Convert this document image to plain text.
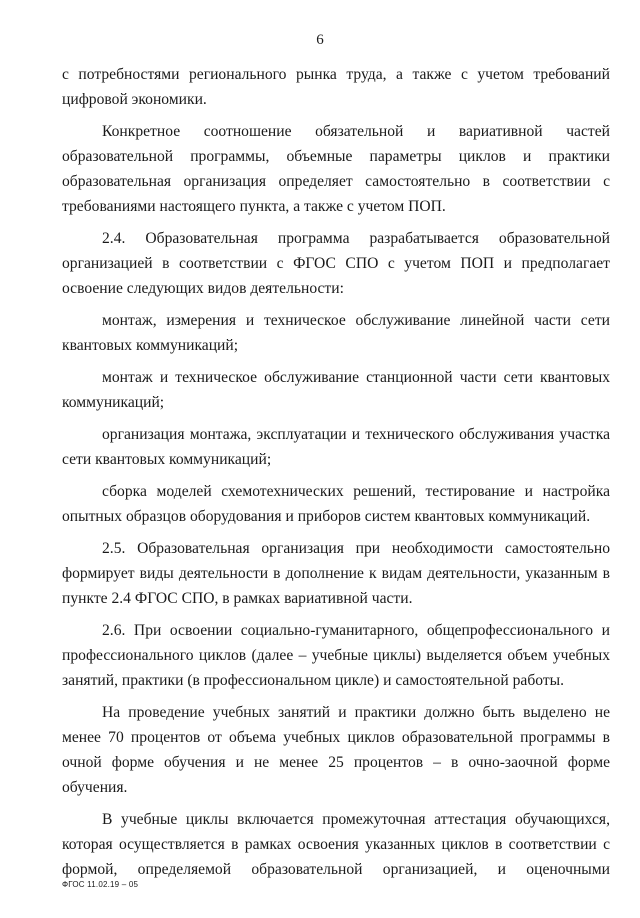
6

с потребностями регионального рынка труда, а также с учетом требований цифровой экономики.

Конкретное соотношение обязательной и вариативной частей образовательной программы, объемные параметры циклов и практики образовательная организация определяет самостоятельно в соответствии с требованиями настоящего пункта, а также с учетом ПОП.

2.4. Образовательная программа разрабатывается образовательной организацией в соответствии с ФГОС СПО с учетом ПОП и предполагает освоение следующих видов деятельности:

монтаж, измерения и техническое обслуживание линейной части сети квантовых коммуникаций;

монтаж и техническое обслуживание станционной части сети квантовых коммуникаций;

организация монтажа, эксплуатации и технического обслуживания участка сети квантовых коммуникаций;

сборка моделей схемотехнических решений, тестирование и настройка опытных образцов оборудования и приборов систем квантовых коммуникаций.

2.5. Образовательная организация при необходимости самостоятельно формирует виды деятельности в дополнение к видам деятельности, указанным в пункте 2.4 ФГОС СПО, в рамках вариативной части.

2.6. При освоении социально-гуманитарного, общепрофессионального и профессионального циклов (далее – учебные циклы) выделяется объем учебных занятий, практики (в профессиональном цикле) и самостоятельной работы.

На проведение учебных занятий и практики должно быть выделено не менее 70 процентов от объема учебных циклов образовательной программы в очной форме обучения и не менее 25 процентов – в очно-заочной форме обучения.

В учебные циклы включается промежуточная аттестация обучающихся, которая осуществляется в рамках освоения указанных циклов в соответствии с формой, определяемой образовательной организацией, и оценочными

ФГОС 11.02.19 – 05
